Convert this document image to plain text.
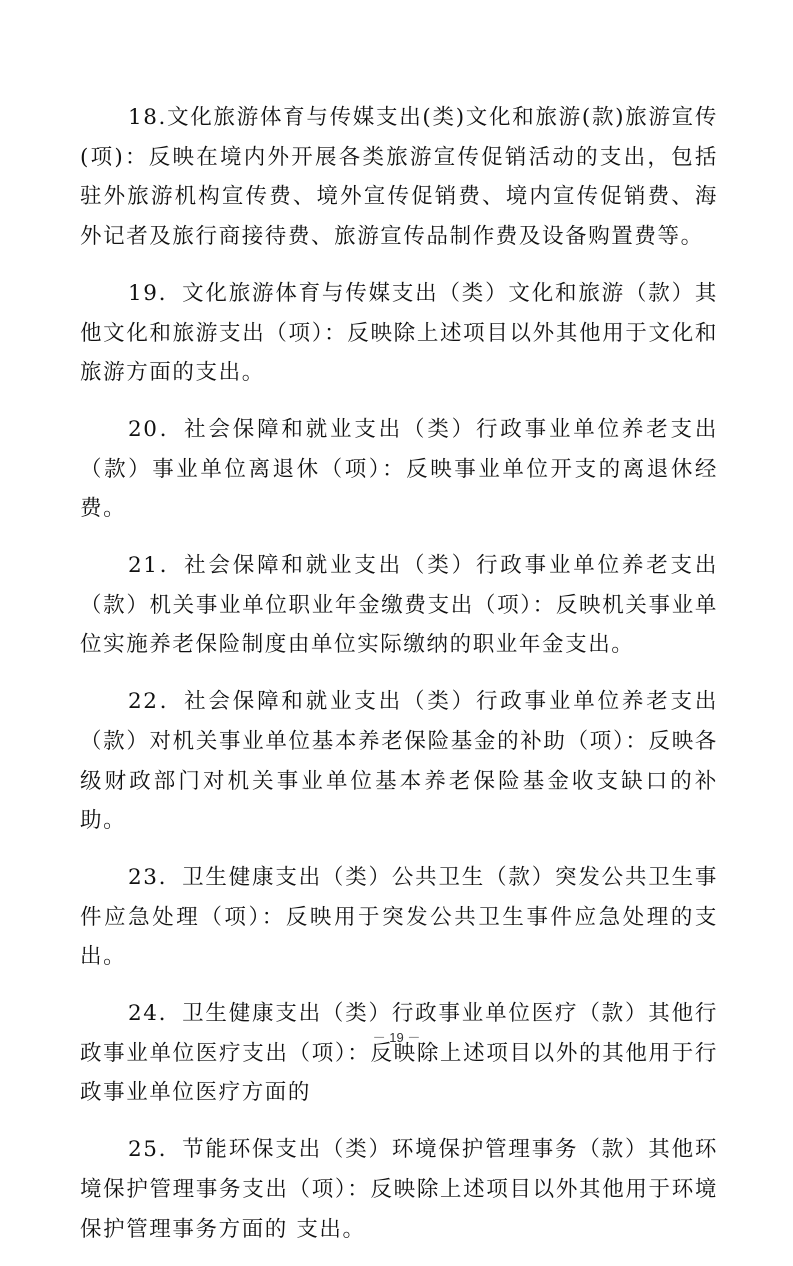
18.文化旅游体育与传媒支出(类)文化和旅游(款)旅游宣传(项)：反映在境内外开展各类旅游宣传促销活动的支出，包括驻外旅游机构宣传费、境外宣传促销费、境内宣传促销费、海外记者及旅行商接待费、旅游宣传品制作费及设备购置费等。

19．文化旅游体育与传媒支出（类）文化和旅游（款）其他文化和旅游支出（项）：反映除上述项目以外其他用于文化和旅游方面的支出。

20．社会保障和就业支出（类）行政事业单位养老支出（款）事业单位离退休（项）：反映事业单位开支的离退休经费。

21．社会保障和就业支出（类）行政事业单位养老支出（款）机关事业单位职业年金缴费支出（项）：反映机关事业单位实施养老保险制度由单位实际缴纳的职业年金支出。

22．社会保障和就业支出（类）行政事业单位养老支出（款）对机关事业单位基本养老保险基金的补助（项）：反映各级财政部门对机关事业单位基本养老保险基金收支缺口的补助。

23．卫生健康支出（类）公共卫生（款）突发公共卫生事件应急处理（项）：反映用于突发公共卫生事件应急处理的支出。

24．卫生健康支出（类）行政事业单位医疗（款）其他行政事业单位医疗支出（项）：反映除上述项目以外的其他用于行政事业单位医疗方面的

25．节能环保支出（类）环境保护管理事务（款）其他环境保护管理事务支出（项）：反映除上述项目以外其他用于环境保护管理事务方面的 支出。

－ 19 －
